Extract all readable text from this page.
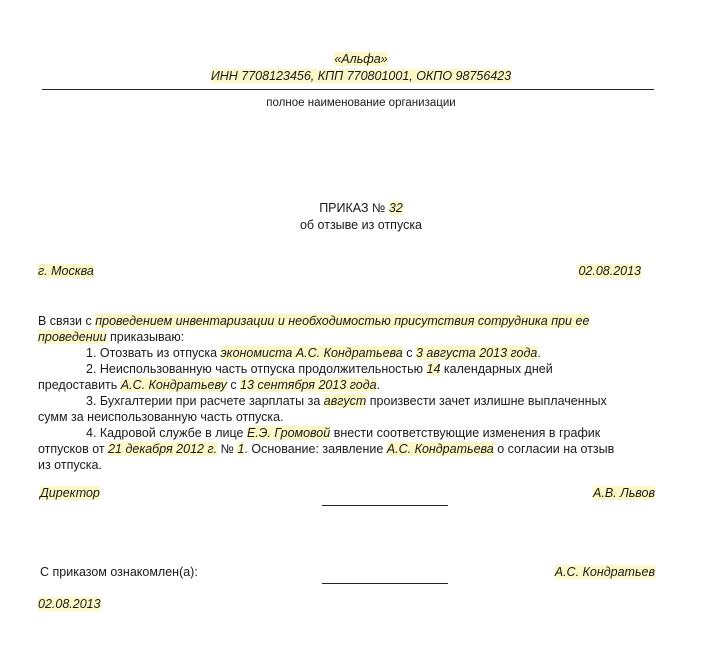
«Альфа»
ИНН 7708123456, КПП 770801001, ОКПО 98756423
полное наименование организации
ПРИКАЗ № 32
об отзыве из отпуска
г. Москва	02.08.2013
В связи с проведением инвентаризации и необходимостью присутствия сотрудника при ее
проведении приказываю:
1. Отозвать из отпуска экономиста А.С. Кондратьева с 3 августа 2013 года.
2. Неиспользованную часть отпуска продолжительностью 14 календарных дней
предоставить А.С. Кондратьеву с 13 сентября 2013 года.
3. Бухгалтерии при расчете зарплаты за август произвести зачет излишне выплаченных
сумм за неиспользованную часть отпуска.
4. Кадровой службе в лице Е.Э. Громовой внести соответствующие изменения в график
отпусков от 21 декабря 2012 г. № 1. Основание: заявление А.С. Кондратьева о согласии на отзыв
из отпуска.
Директор	А.В. Львов
С приказом ознакомлен(а):	А.С. Кондратьев
02.08.2013
